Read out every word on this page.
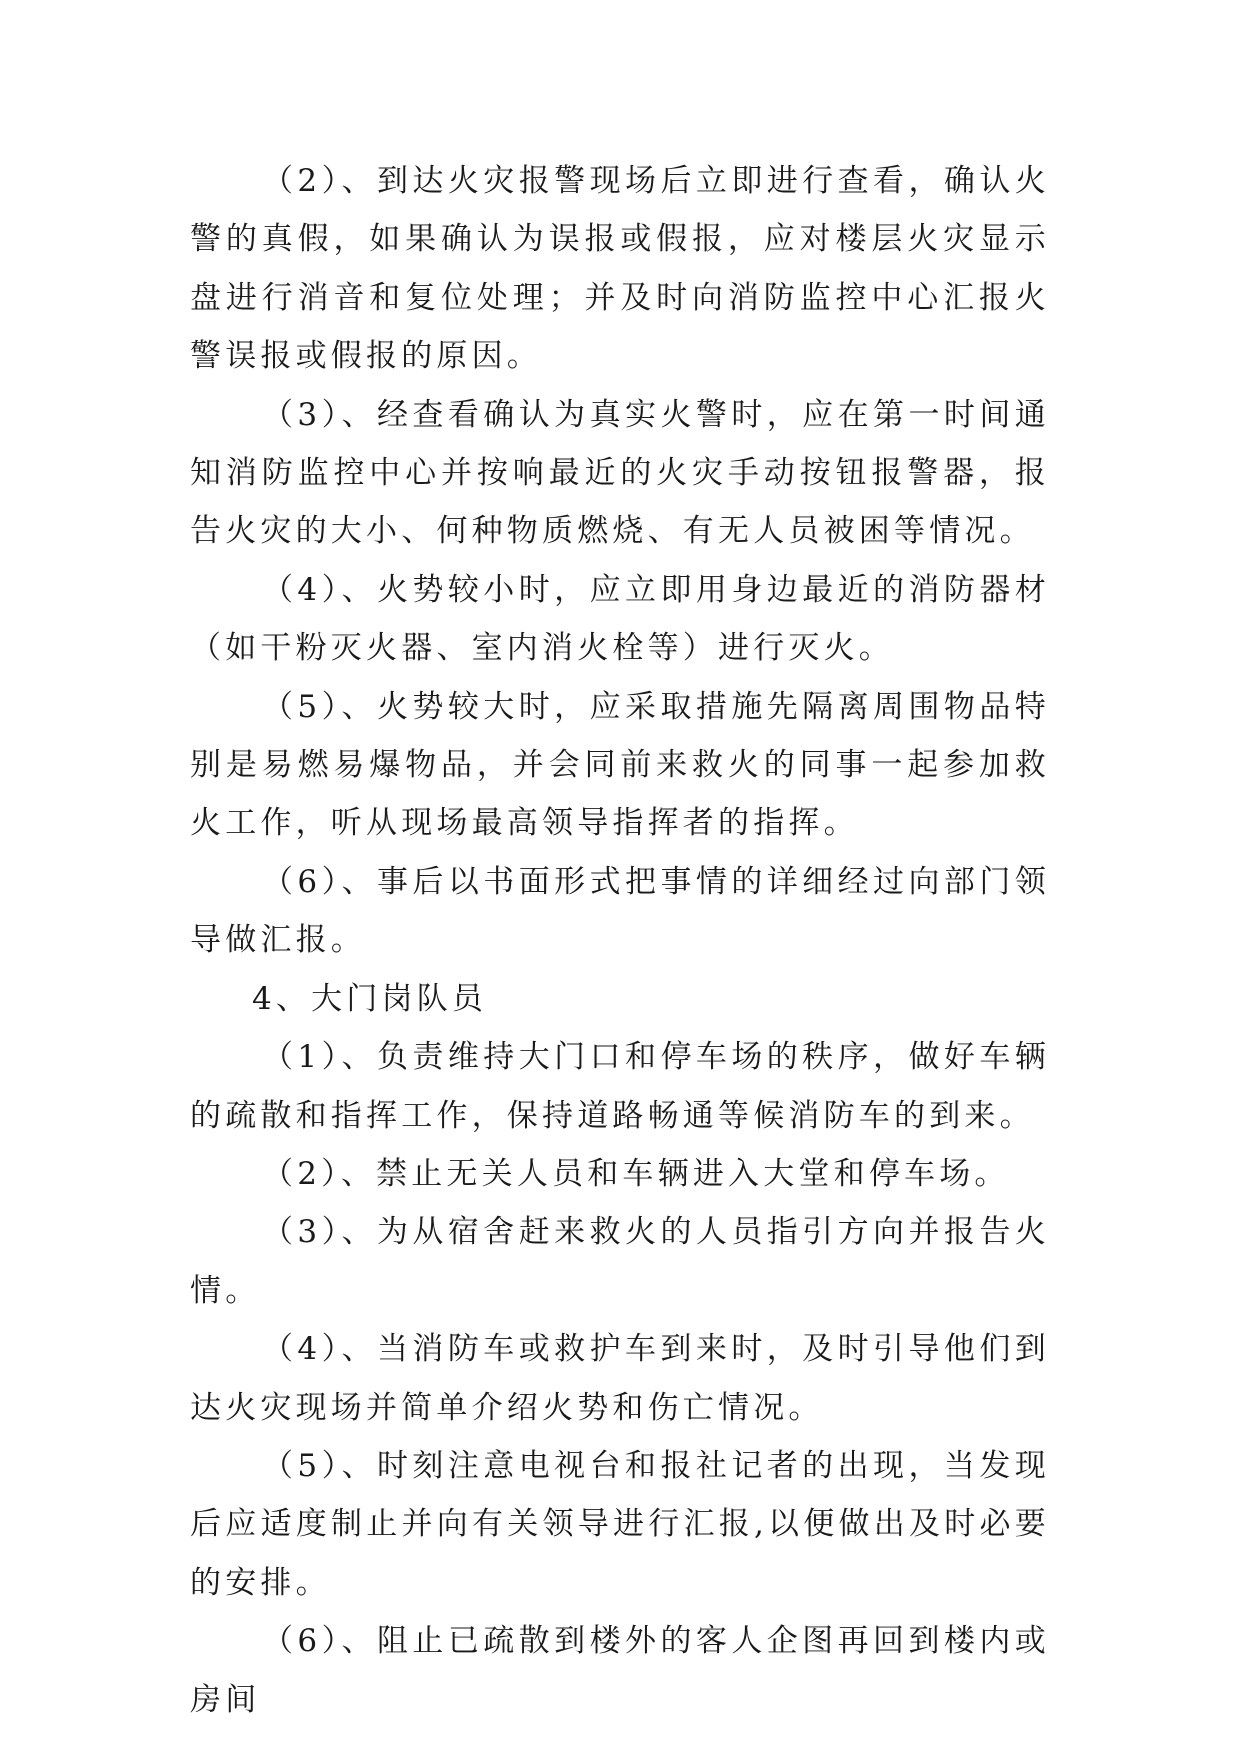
（2）、到达火灾报警现场后立即进行查看，确认火警的真假，如果确认为误报或假报，应对楼层火灾显示盘进行消音和复位处理；并及时向消防监控中心汇报火警误报或假报的原因。

（3）、经查看确认为真实火警时，应在第一时间通知消防监控中心并按响最近的火灾手动按钮报警器，报告火灾的大小、何种物质燃烧、有无人员被困等情况。

（4）、火势较小时，应立即用身边最近的消防器材（如干粉灭火器、室内消火栓等）进行灭火。

（5）、火势较大时，应采取措施先隔离周围物品特别是易燃易爆物品，并会同前来救火的同事一起参加救火工作，听从现场最高领导指挥者的指挥。

（6）、事后以书面形式把事情的详细经过向部门领导做汇报。

4、大门岗队员

（1）、负责维持大门口和停车场的秩序，做好车辆的疏散和指挥工作，保持道路畅通等候消防车的到来。

（2）、禁止无关人员和车辆进入大堂和停车场。

（3）、为从宿舍赶来救火的人员指引方向并报告火情。

（4）、当消防车或救护车到来时，及时引导他们到达火灾现场并简单介绍火势和伤亡情况。

（5）、时刻注意电视台和报社记者的出现，当发现后应适度制止并向有关领导进行汇报,以便做出及时必要的安排。

（6）、阻止已疏散到楼外的客人企图再回到楼内或房间
